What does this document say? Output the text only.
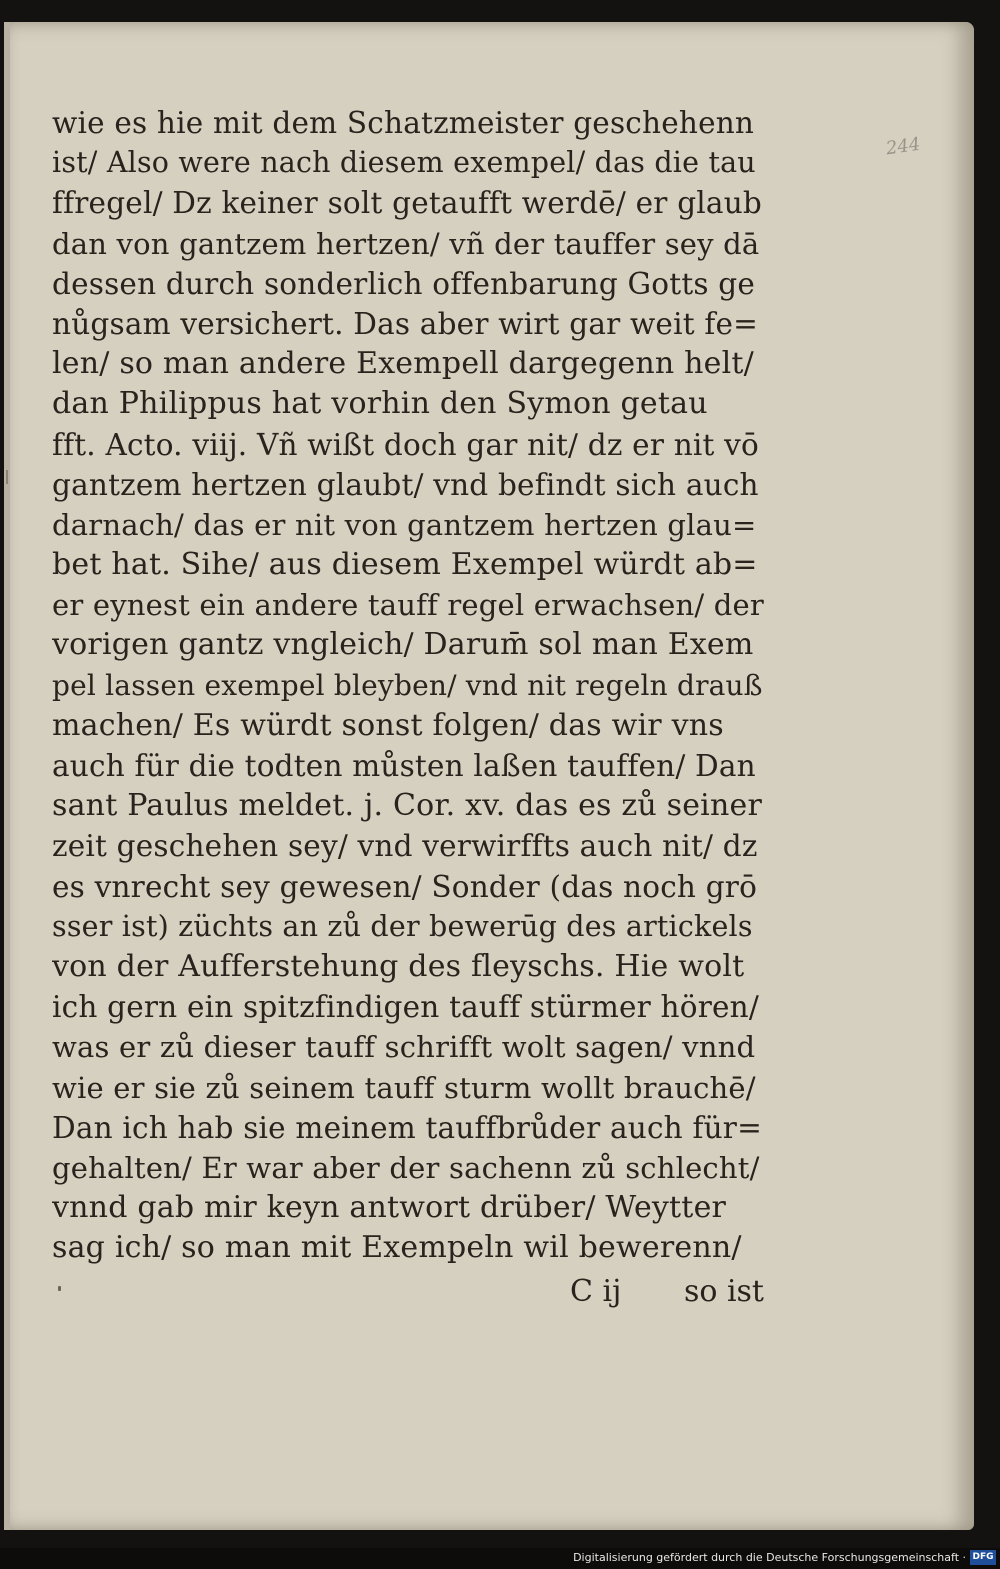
244
wie es hie mit dem Schatzmeister geschehenn
ist/ Also were nach diesem exempel/ das die tau
ffregel/ Dz keiner solt getaufft werdē/ er glaub
dan von gantzem hertzen/ vñ der tauffer sey dā
dessen durch sonderlich offenbarung Gotts ge
nůgsam versichert. Das aber wirt gar weit fe=
len/ so man andere Exempell dargegenn helt/
dan Philippus hat vorhin den Symon getau
fft. Acto. viij. Vñ wißt doch gar nit/ dz er nit vō
gantzem hertzen glaubt/ vnd befindt sich auch
darnach/ das er nit von gantzem hertzen glau=
bet hat. Sihe/ aus diesem Exempel würdt ab=
er eynest ein andere tauff regel erwachsen/ der
vorigen gantz vngleich/ Darum̄ sol man Exem
pel lassen exempel bleyben/ vnd nit regeln drauß
machen/ Es würdt sonst folgen/ das wir vns
auch für die todten můsten laßen tauffen/ Dan
sant Paulus meldet. j. Cor. xv. das es zů seiner
zeit geschehen sey/ vnd verwirffts auch nit/ dz
es vnrecht sey gewesen/ Sonder (das noch grō
sser ist) züchts an zů der bewerūg des artickels
von der Aufferstehung des fleyschs. Hie wolt
ich gern ein spitzfindigen tauff stürmer hören/
was er zů dieser tauff schrifft wolt sagen/ vnnd
wie er sie zů seinem tauff sturm wollt brauchē/
Dan ich hab sie meinem tauffbrůder auch für=
gehalten/ Er war aber der sachenn zů schlecht/
vnnd gab mir keyn antwort drüber/ Weytter
sag ich/ so man mit Exempeln wil bewerenn/
C ij so ist
Digitalisierung gefördert durch die Deutsche Forschungsgemeinschaft · DFG
